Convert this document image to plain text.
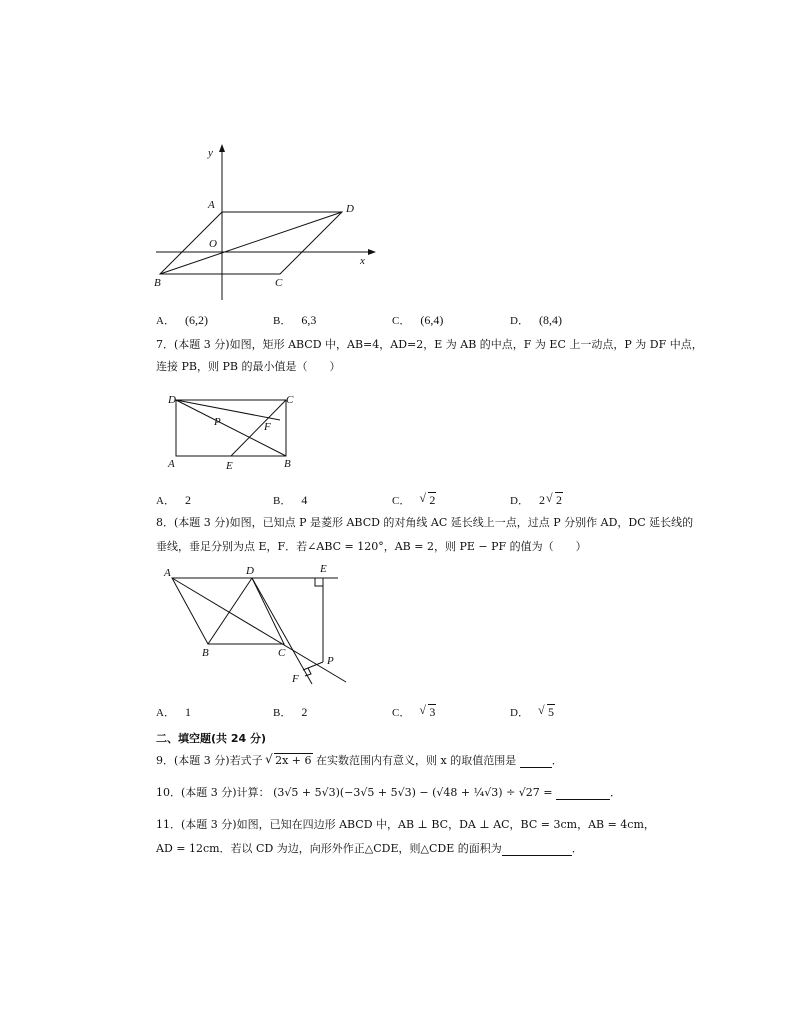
y
x
A	D
O
B	C
A． (6,2)	B． 6,3	C． (6,4)	D． (8,4)
7．(本题 3 分)如图，矩形 ABCD 中，AB=4，AD=2，E 为 AB 的中点，F 为 EC 上一动点，P 为 DF 中点，
连接 PB，则 PB 的最小值是（　　）
D	C
P	F
A	E	B
A． 2	B． 4	C． √ 2	D． 2 √ 2
8．(本题 3 分)如图，已知点 P 是菱形 ABCD 的对角线 AC 延长线上一点，过点 P 分别作 AD，DC 延长线的
垂线，垂足分别为点 E，F．若∠ABC = 120°，AB = 2，则 PE − PF 的值为（　　）
A	D	E
B	C
P
F
A． 1	B． 2	C． √ 3	D． √ 5
二、填空题(共 24 分)
9．(本题 3 分)若式子 √ 2x + 6 在实数范围内有意义，则 x 的取值范围是	．
10．(本题 3 分)计算： (3√5 + 5√3)(−3√5 + 5√3) − (√48 + ¼√3) ÷ √27 =	．
11．(本题 3 分)如图，已知在四边形 ABCD 中，AB ⊥ BC，DA ⊥ AC，BC = 3cm，AB = 4cm，
AD = 12cm．若以 CD 为边，向形外作正△CDE，则△CDE 的面积为	．
